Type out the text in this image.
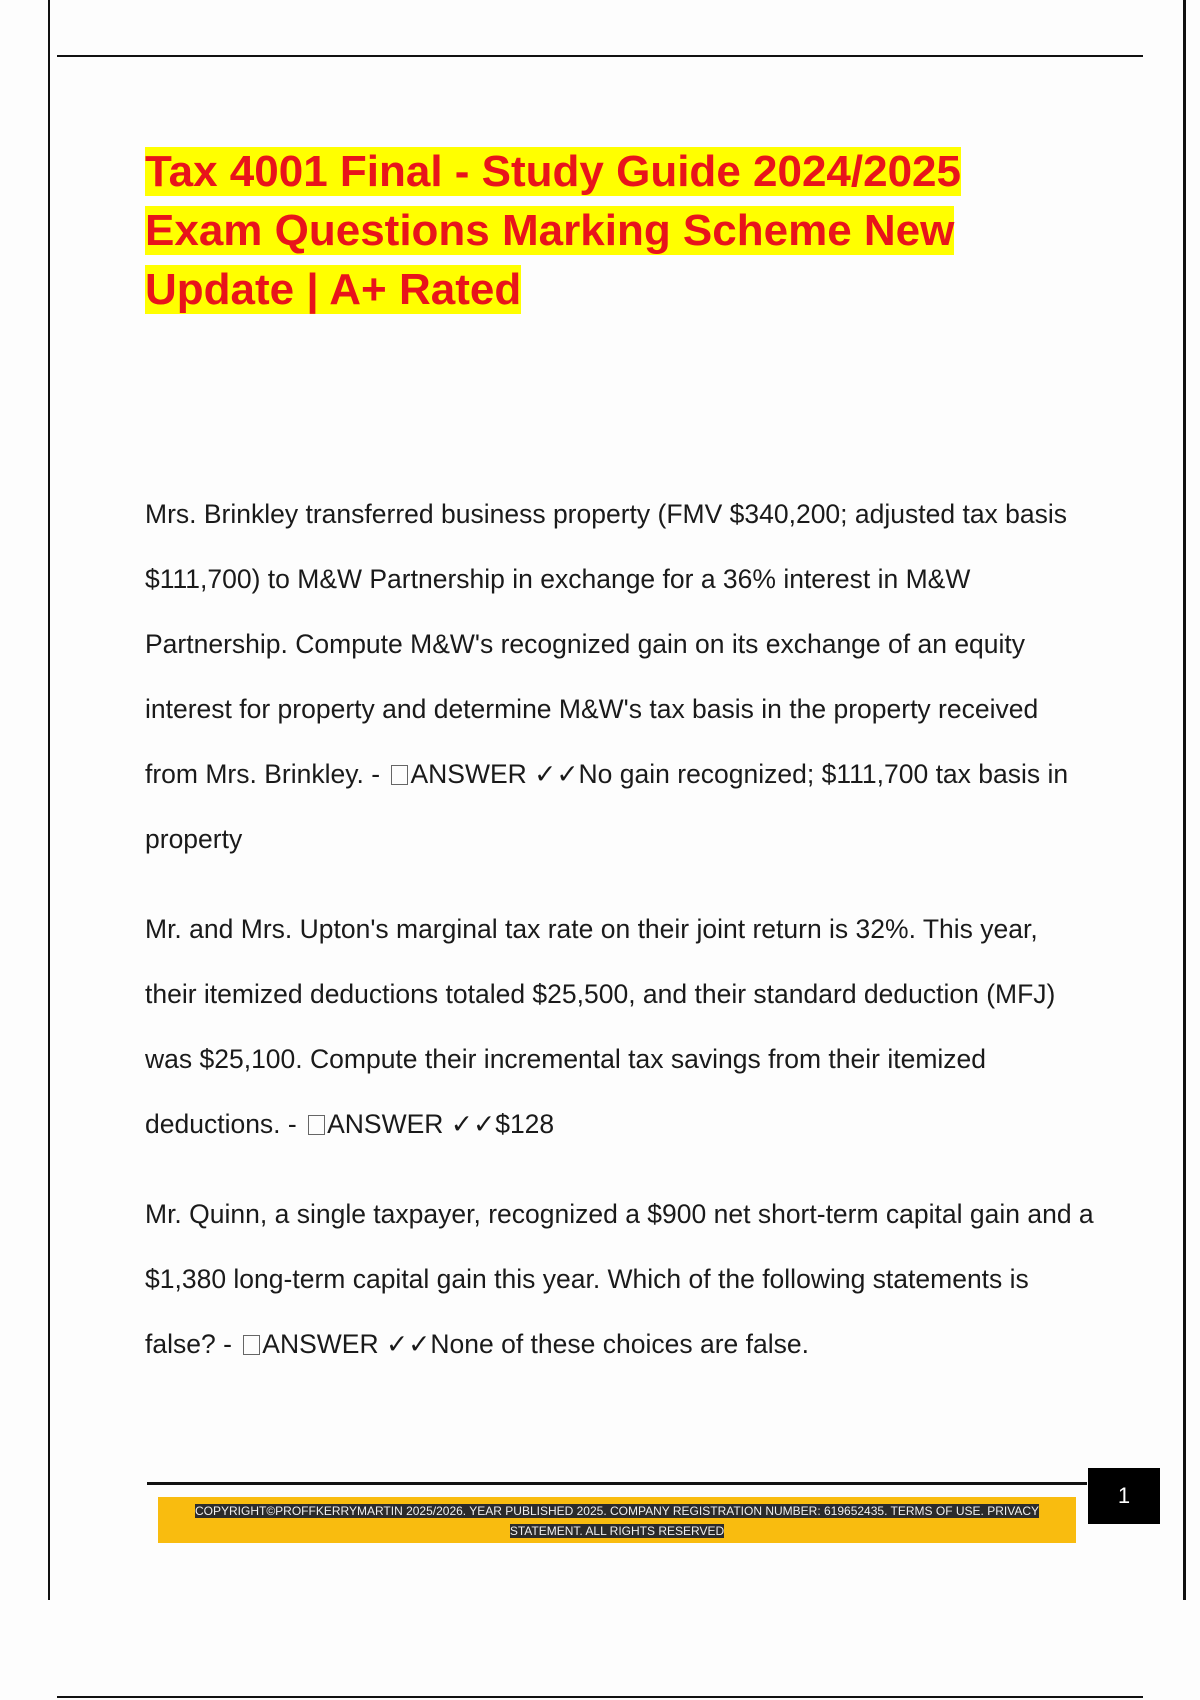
Tax 4001 Final - Study Guide 2024/2025 Exam Questions Marking Scheme New Update | A+ Rated

Mrs. Brinkley transferred business property (FMV $340,200; adjusted tax basis $111,700) to M&W Partnership in exchange for a 36% interest in M&W Partnership. Compute M&W's recognized gain on its exchange of an equity interest for property and determine M&W's tax basis in the property received from Mrs. Brinkley. - ANSWER ✓✓No gain recognized; $111,700 tax basis in property

Mr. and Mrs. Upton's marginal tax rate on their joint return is 32%. This year, their itemized deductions totaled $25,500, and their standard deduction (MFJ) was $25,100. Compute their incremental tax savings from their itemized deductions. - ANSWER ✓✓$128

Mr. Quinn, a single taxpayer, recognized a $900 net short-term capital gain and a $1,380 long-term capital gain this year. Which of the following statements is false? - ANSWER ✓✓None of these choices are false.

1

COPYRIGHT©PROFFKERRYMARTIN 2025/2026. YEAR PUBLISHED 2025. COMPANY REGISTRATION NUMBER: 619652435. TERMS OF USE. PRIVACY STATEMENT. ALL RIGHTS RESERVED
